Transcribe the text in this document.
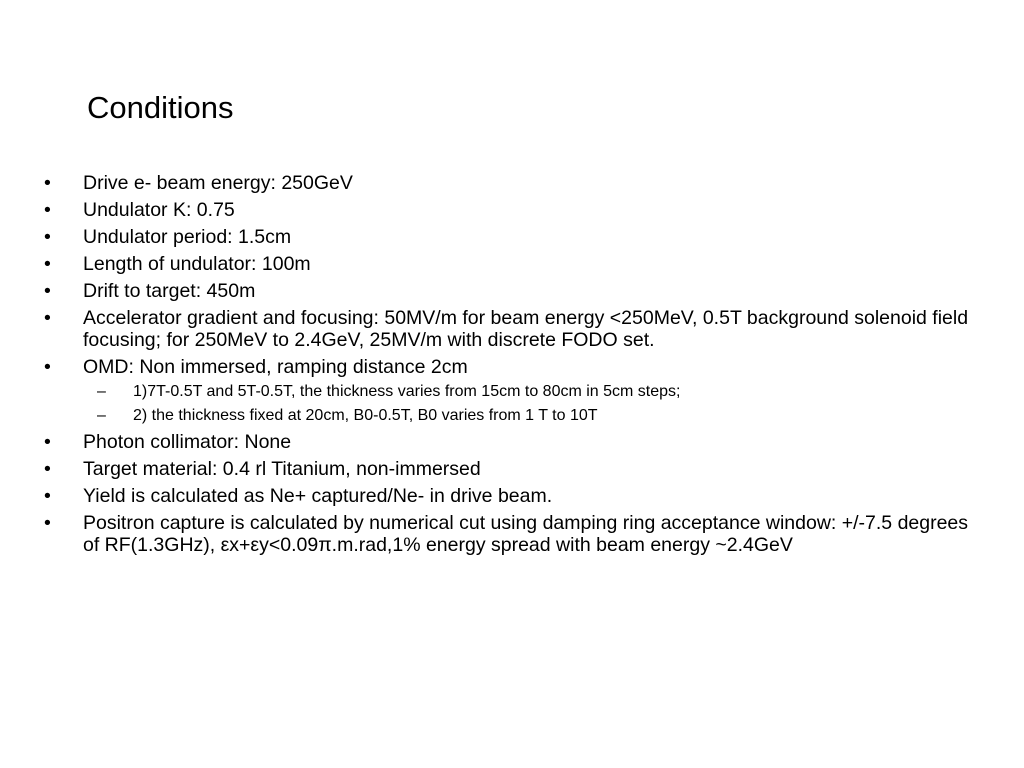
Conditions
• Drive e- beam energy: 250GeV
• Undulator K: 0.75
• Undulator period: 1.5cm
• Length of undulator: 100m
• Drift to target: 450m
• Accelerator gradient and focusing: 50MV/m for beam energy <250MeV, 0.5T background solenoid field focusing; for 250MeV to 2.4GeV, 25MV/m with discrete FODO set.
• OMD: Non immersed, ramping distance 2cm
– 1)7T-0.5T and 5T-0.5T, the thickness varies from 15cm to 80cm in 5cm steps;
– 2) the thickness fixed at 20cm, B0-0.5T, B0 varies from 1 T to 10T
• Photon collimator: None
• Target material: 0.4 rl Titanium, non-immersed
• Yield is calculated as Ne+ captured/Ne- in drive beam.
• Positron capture is calculated by numerical cut using damping ring acceptance window: +/-7.5 degrees of RF(1.3GHz), εx+εy<0.09π.m.rad,1% energy spread with beam energy ~2.4GeV
